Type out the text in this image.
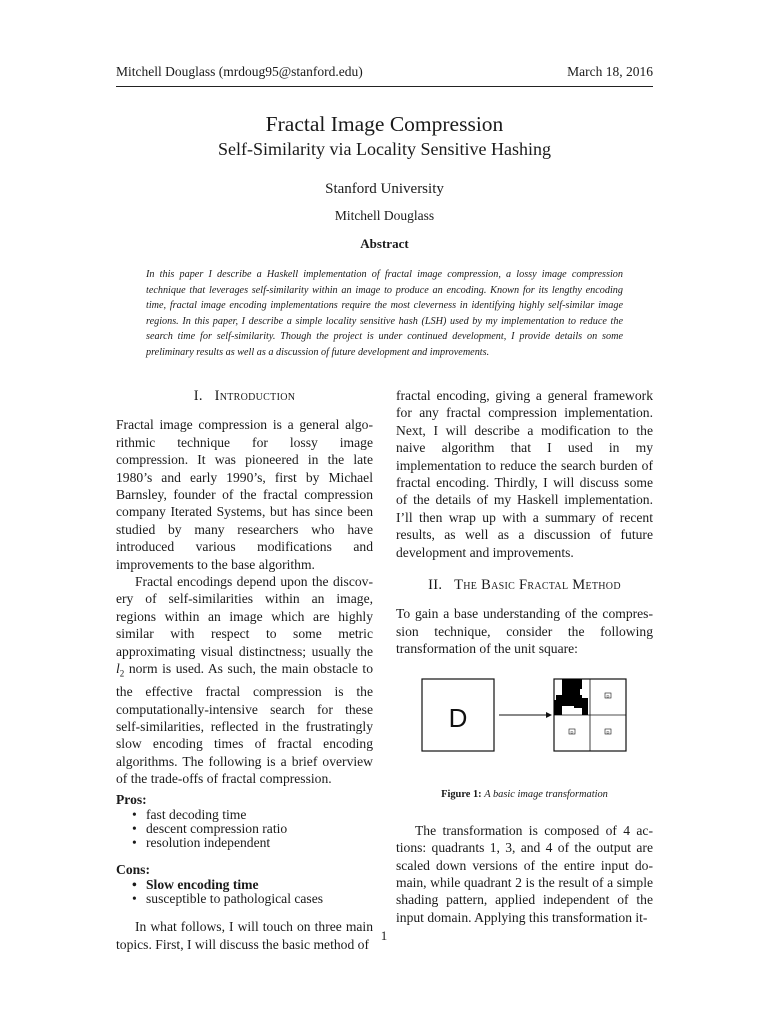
Mitchell Douglass (mrdoug95@stanford.edu)	March 18, 2016
Fractal Image Compression
Self-Similarity via Locality Sensitive Hashing
Stanford University
Mitchell Douglass
Abstract
In this paper I describe a Haskell implementation of fractal image compression, a lossy image compression technique that leverages self-similarity within an image to produce an encoding. Known for its lengthy encoding time, fractal image encoding implementations require the most cleverness in identifying highly self-similar image regions. In this paper, I describe a simple locality sensitive hash (LSH) used by my implementation to reduce the search time for self-similarity. Though the project is under continued development, I provide details on some preliminary results as well as a discussion of future development and improvements.
I. Introduction
Fractal image compression is a general algorithmic technique for lossy image compression. It was pioneered in the late 1980’s and early 1990’s, first by Michael Barnsley, founder of the fractal compression company Iterated Systems, but has since been studied by many researchers who have introduced various modifications and improvements to the base algorithm.
Fractal encodings depend upon the discovery of self-similarities within an image, regions within an image which are highly similar with respect to some metric approximating visual distinctness; usually the $l_2$ norm is used. As such, the main obstacle to the effective fractal compression is the computationally-intensive search for these self-similarities, reflected in the frustratingly slow encoding times of fractal encoding algorithms. The following is a brief overview of the trade-offs of fractal compression.
Pros:
• fast decoding time
• descent compression ratio
• resolution independent
Cons:
• Slow encoding time
• susceptible to pathological cases
In what follows, I will touch on three main topics. First, I will discuss the basic method of
fractal encoding, giving a general framework for any fractal compression implementation. Next, I will describe a modification to the naive algorithm that I used in my implementation to reduce the search burden of fractal encoding. Thirdly, I will discuss some of the details of my Haskell implementation. I’ll then wrap up with a summary of recent results, as well as a discussion of future development and improvements.
II. The Basic Fractal Method
To gain a base understanding of the compression technique, consider the following transformation of the unit square:
D
D
D	D
Figure 1: A basic image transformation
The transformation is composed of 4 actions: quadrants 1, 3, and 4 of the output are scaled down versions of the entire input domain, while quadrant 2 is the result of a simple shading pattern, applied independent of the input domain. Applying this transformation it-
1
